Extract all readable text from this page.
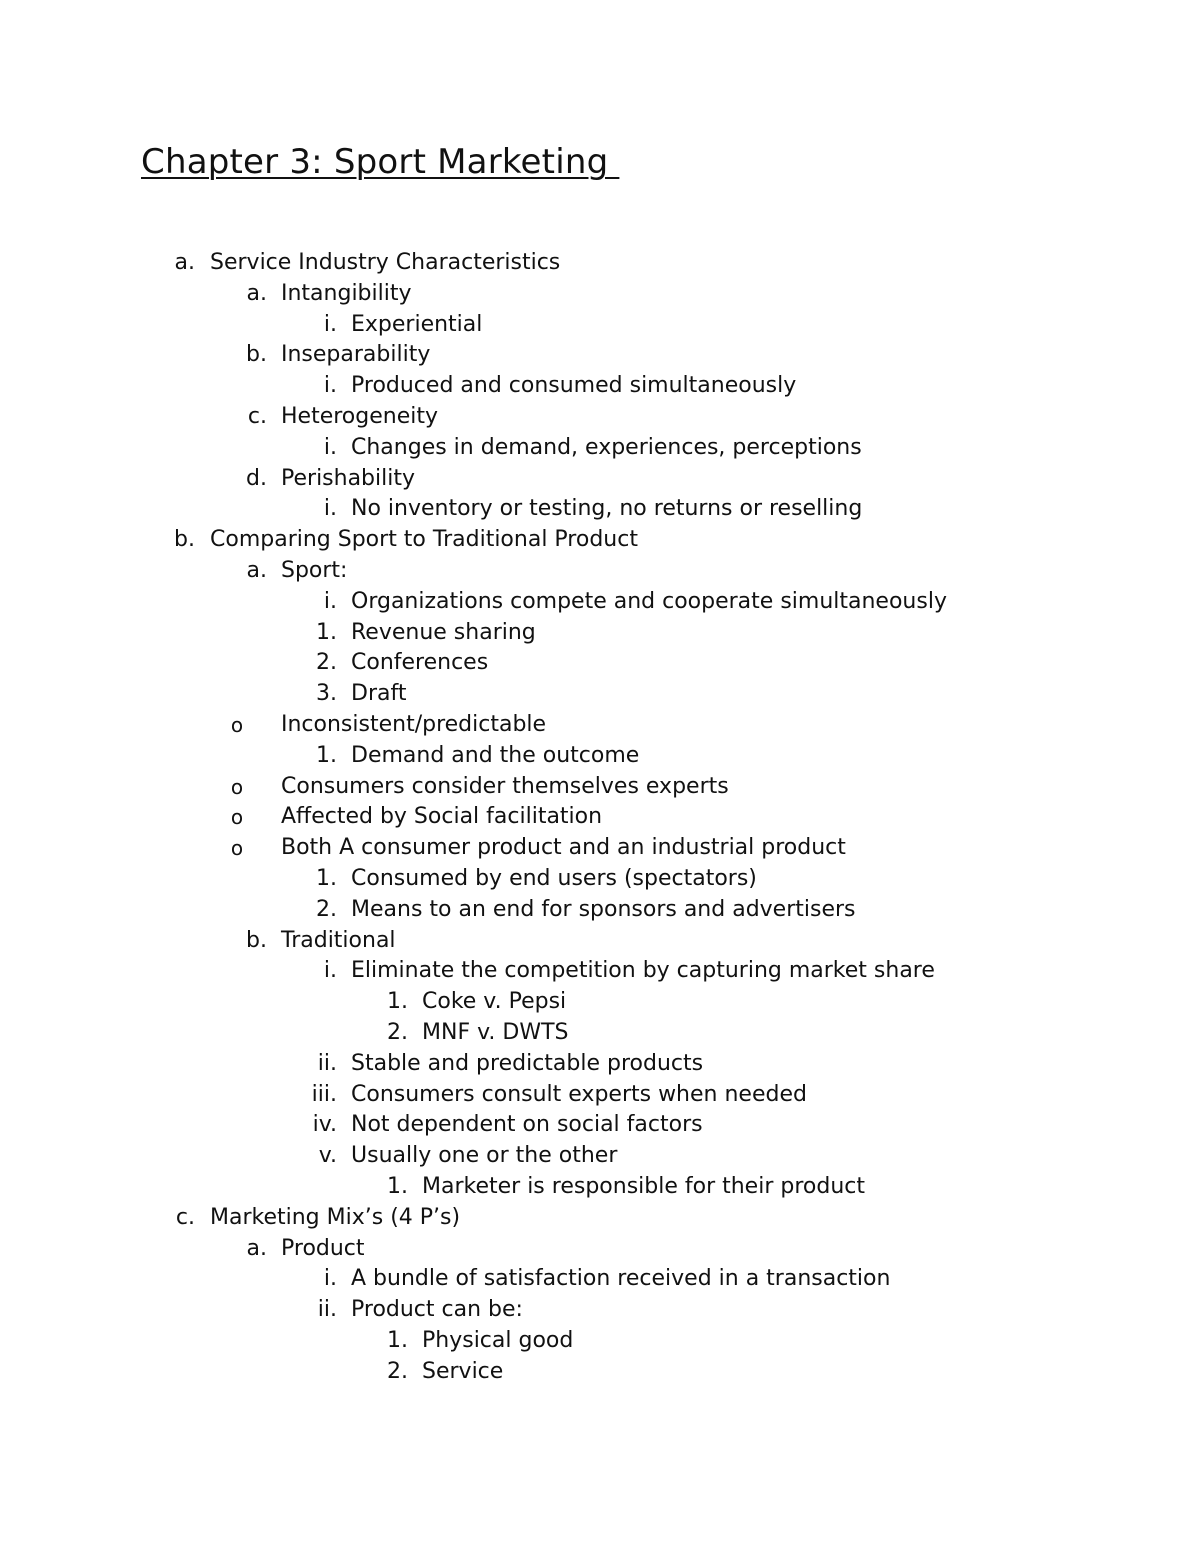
Chapter 3: Sport Marketing
a. Service Industry Characteristics
a. Intangibility
i. Experiential
b. Inseparability
i. Produced and consumed simultaneously
c. Heterogeneity
i. Changes in demand, experiences, perceptions
d. Perishability
i. No inventory or testing, no returns or reselling
b. Comparing Sport to Traditional Product
a. Sport:
i. Organizations compete and cooperate simultaneously
1. Revenue sharing
2. Conferences
3. Draft
o	Inconsistent/predictable
1. Demand and the outcome
o	Consumers consider themselves experts
o	Affected by Social facilitation
o	Both A consumer product and an industrial product
1. Consumed by end users (spectators)
2. Means to an end for sponsors and advertisers
b. Traditional
i. Eliminate the competition by capturing market share
1. Coke v. Pepsi
2. MNF v. DWTS
ii. Stable and predictable products
iii. Consumers consult experts when needed
iv. Not dependent on social factors
v. Usually one or the other
1. Marketer is responsible for their product
c. Marketing Mix’s (4 P’s)
a. Product
i. A bundle of satisfaction received in a transaction
ii. Product can be:
1. Physical good
2. Service
